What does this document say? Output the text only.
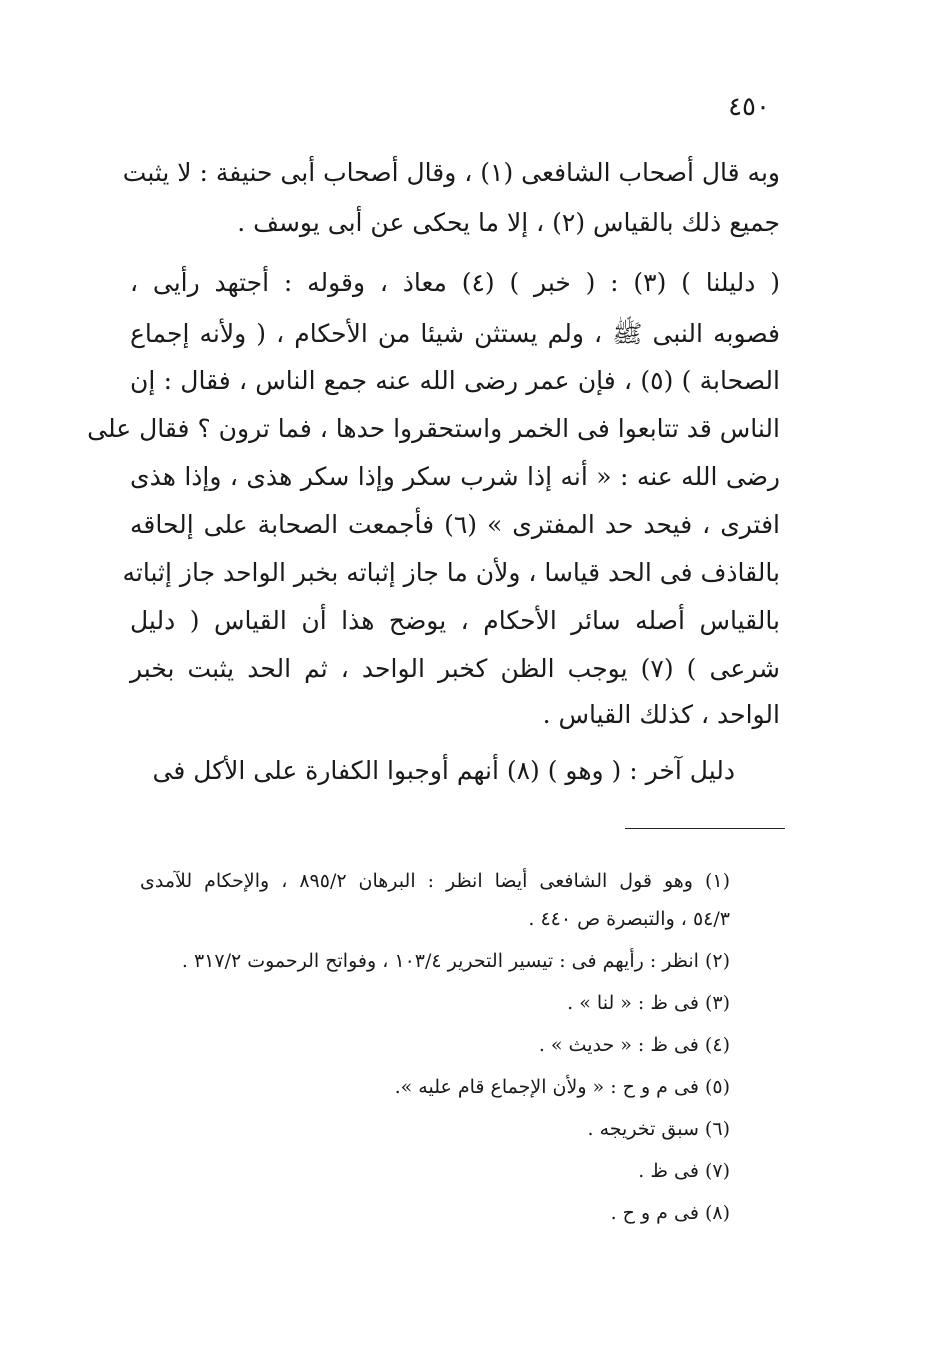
٤٥٠
وبه قال أصحاب الشافعى (١) ، وقال أصحاب أبى حنيفة : لا يثبت
جميع ذلك بالقياس (٢) ، إلا ما يحكى عن أبى يوسف .
( دليلنا ) (٣) : ( خبر ) (٤) معاذ ، وقوله : أجتهد رأيى ،
فصوبه النبى ﷺ ، ولم يستثن شيئا من الأحكام ، ( ولأنه إجماع
الصحابة ) (٥) ، فإن عمر رضى الله عنه جمع الناس ، فقال : إن
الناس قد تتابعوا فى الخمر واستحقروا حدها ، فما ترون ؟ فقال على
رضى الله عنه : « أنه إذا شرب سكر وإذا سكر هذى ، وإذا هذى
افترى ، فيحد حد المفترى » (٦) فأجمعت الصحابة على إلحاقه
بالقاذف فى الحد قياسا ، ولأن ما جاز إثباته بخبر الواحد جاز إثباته
بالقياس أصله سائر الأحكام ، يوضح هذا أن القياس ( دليل
شرعى ) (٧) يوجب الظن كخبر الواحد ، ثم الحد يثبت بخبر
الواحد ، كذلك القياس .
دليل آخر : ( وهو ) (٨) أنهم أوجبوا الكفارة على الأكل فى
(١) وهو قول الشافعى أيضا انظر : البرهان ٨٩٥/٢ ، والإحكام للآمدى
٥٤/٣ ، والتبصرة ص ٤٤٠ .
(٢) انظر : رأيهم فى : تيسير التحرير ١٠٣/٤ ، وفواتح الرحموت ٣١٧/٢ .
(٣) فى ظ : « لنا » .
(٤) فى ظ : « حديث » .
(٥) فى م و ح : « ولأن الإجماع قام عليه ».
(٦) سبق تخريجه .
(٧) فى ظ .
(٨) فى م و ح .
